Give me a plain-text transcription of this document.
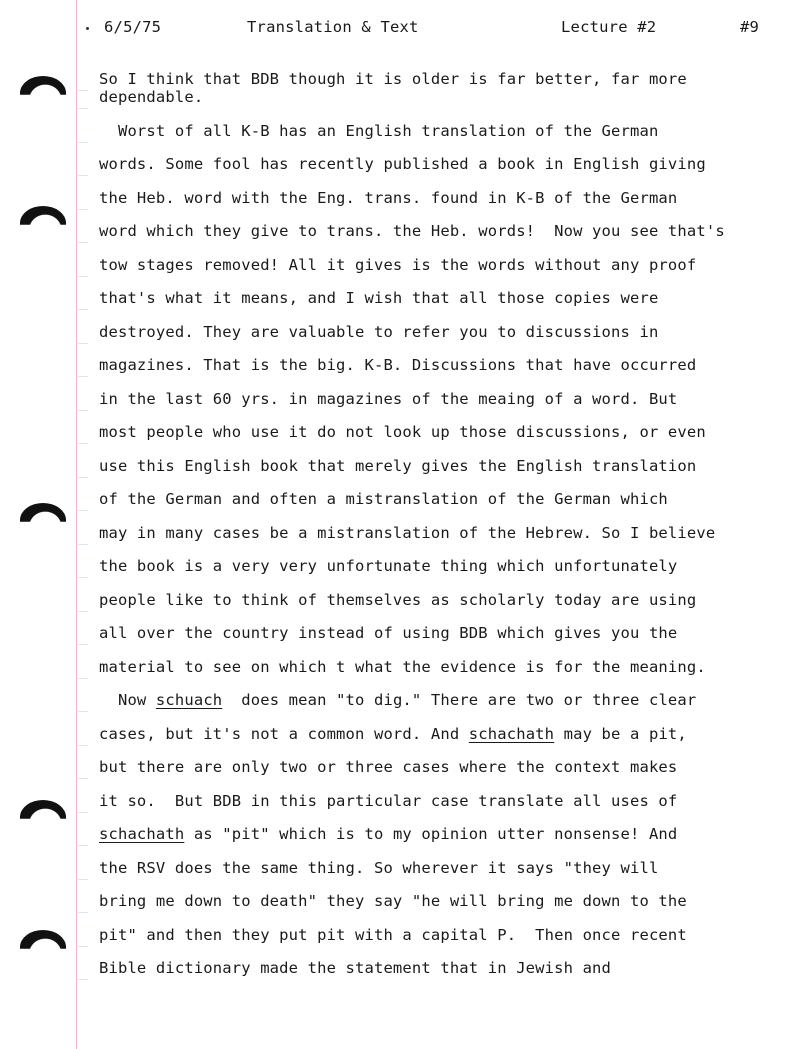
6/5/75	Translation & Text	Lecture #2	#9
So I think that BDB though it is older is far better, far more
dependable.
Worst of all K-B has an English translation of the German
words. Some fool has recently published a book in English giving
the Heb. word with the Eng. trans. found in K-B of the German
word which they give to trans. the Heb. words!  Now you see that's
tow stages removed! All it gives is the words without any proof
that's what it means, and I wish that all those copies were
destroyed. They are valuable to refer you to discussions in
magazines. That is the big. K-B. Discussions that have occurred
in the last 60 yrs. in magazines of the meaing of a word. But
most people who use it do not look up those discussions, or even
use this English book that merely gives the English translation
of the German and often a mistranslation of the German which
may in many cases be a mistranslation of the Hebrew. So I believe
the book is a very very unfortunate thing which unfortunately
people like to think of themselves as scholarly today are using
all over the country instead of using BDB which gives you the
material to see on which t what the evidence is for the meaning.
Now schuach  does mean "to dig." There are two or three clear
cases, but it's not a common word. And schachath may be a pit,
but there are only two or three cases where the context makes
it so.  But BDB in this particular case translate all uses of
schachath as "pit" which is to my opinion utter nonsense! And
the RSV does the same thing. So wherever it says "they will
bring me down to death" they say "he will bring me down to the
pit" and then they put pit with a capital P.  Then once recent
Bible dictionary made the statement that in Jewish and
